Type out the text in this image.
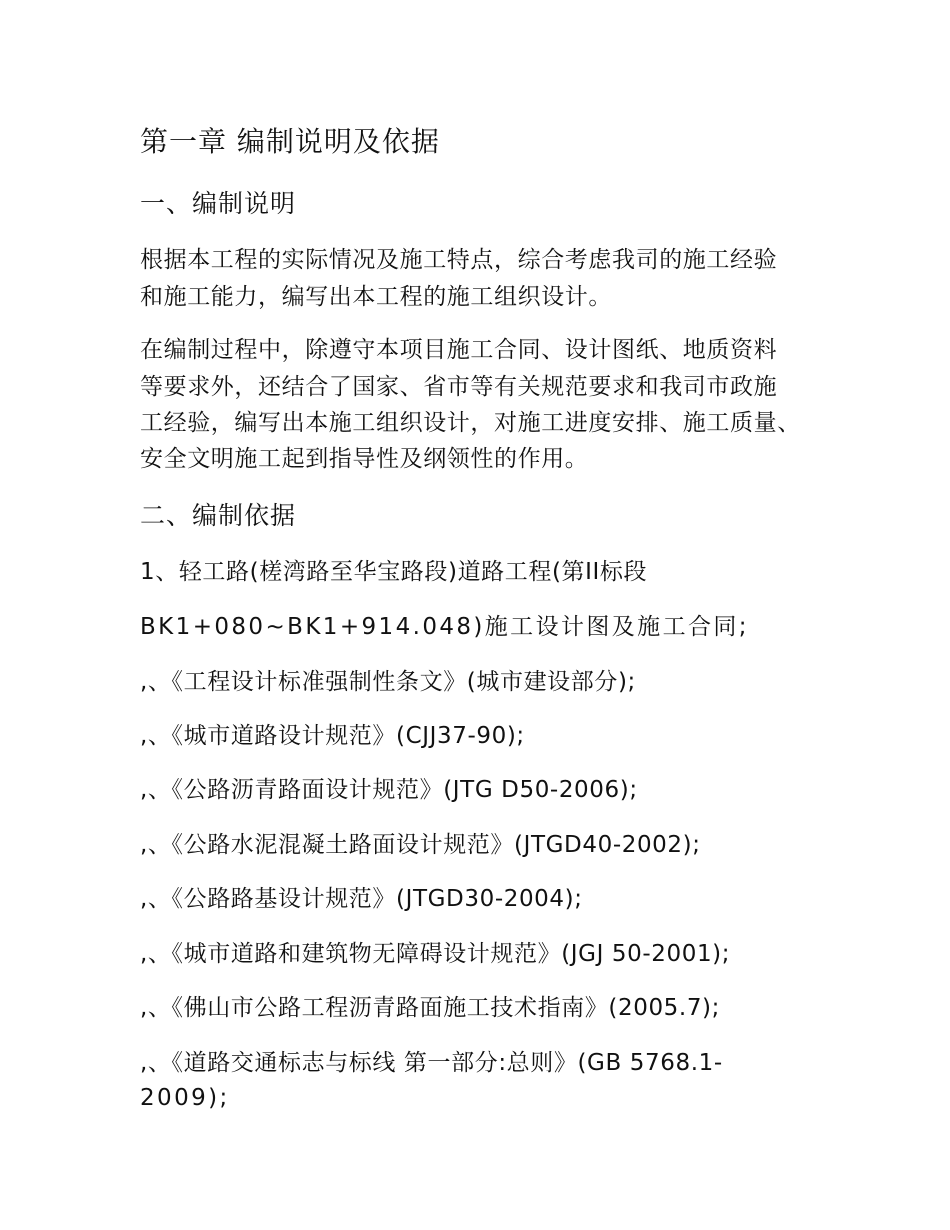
第一章 编制说明及依据
一、编制说明
根据本工程的实际情况及施工特点，综合考虑我司的施工经验
和施工能力，编写出本工程的施工组织设计。
在编制过程中，除遵守本项目施工合同、设计图纸、地质资料
等要求外，还结合了国家、省市等有关规范要求和我司市政施
工经验，编写出本施工组织设计，对施工进度安排、施工质量、
安全文明施工起到指导性及纲领性的作用。
二、编制依据
1、轻工路(槎湾路至华宝路段)道路工程(第II标段
BK1+080~BK1+914.048)施工设计图及施工合同;
,、《工程设计标准强制性条文》(城市建设部分);
,、《城市道路设计规范》(CJJ37-90);
,、《公路沥青路面设计规范》(JTG D50-2006);
,、《公路水泥混凝土路面设计规范》(JTGD40-2002);
,、《公路路基设计规范》(JTGD30-2004);
,、《城市道路和建筑物无障碍设计规范》(JGJ 50-2001);
,、《佛山市公路工程沥青路面施工技术指南》(2005.7);
,、《道路交通标志与标线 第一部分:总则》(GB 5768.1-
2009);
